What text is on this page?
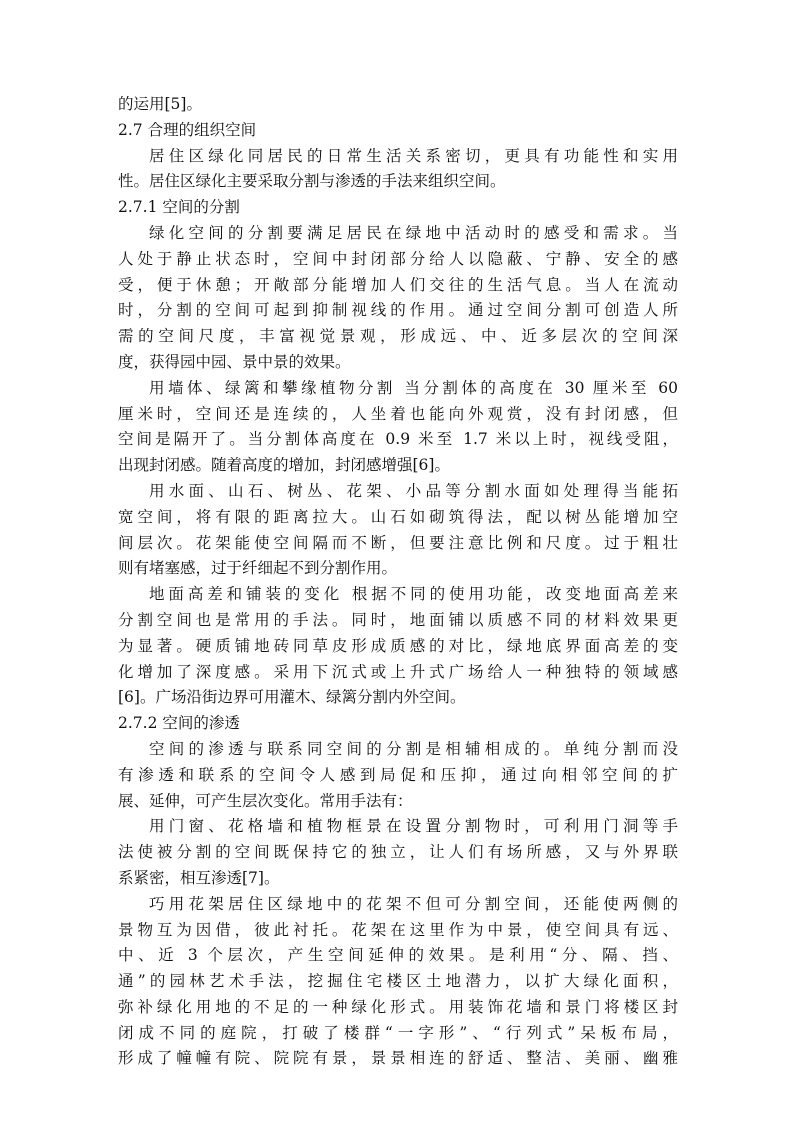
的运用[5]。
2.7 合理的组织空间
居住区绿化同居民的日常生活关系密切，更具有功能性和实用
性。居住区绿化主要采取分割与渗透的手法来组织空间。
2.7.1 空间的分割
绿化空间的分割要满足居民在绿地中活动时的感受和需求。当
人处于静止状态时，空间中封闭部分给人以隐蔽、宁静、安全的感
受，便于休憩；开敞部分能增加人们交往的生活气息。当人在流动
时，分割的空间可起到抑制视线的作用。通过空间分割可创造人所
需的空间尺度，丰富视觉景观，形成远、中、近多层次的空间深
度，获得园中园、景中景的效果。
用墙体、绿篱和攀缘植物分割 当分割体的高度在 30 厘米至 60
厘米时，空间还是连续的，人坐着也能向外观赏，没有封闭感，但
空间是隔开了。当分割体高度在 0.9 米至 1.7 米以上时，视线受阻，
出现封闭感。随着高度的增加，封闭感增强[6]。
用水面、山石、树丛、花架、小品等分割水面如处理得当能拓
宽空间，将有限的距离拉大。山石如砌筑得法，配以树丛能增加空
间层次。花架能使空间隔而不断，但要注意比例和尺度。过于粗壮
则有堵塞感，过于纤细起不到分割作用。
地面高差和铺装的变化 根据不同的使用功能，改变地面高差来
分割空间也是常用的手法。同时，地面铺以质感不同的材料效果更
为显著。硬质铺地砖同草皮形成质感的对比，绿地底界面高差的变
化增加了深度感。采用下沉式或上升式广场给人一种独特的领域感
[6]。广场沿街边界可用灌木、绿篱分割内外空间。
2.7.2 空间的渗透
空间的渗透与联系同空间的分割是相辅相成的。单纯分割而没
有渗透和联系的空间令人感到局促和压抑，通过向相邻空间的扩
展、延伸，可产生层次变化。常用手法有：
用门窗、花格墙和植物框景在设置分割物时，可利用门洞等手
法使被分割的空间既保持它的独立，让人们有场所感，又与外界联
系紧密，相互渗透[7]。
巧用花架居住区绿地中的花架不但可分割空间，还能使两侧的
景物互为因借，彼此衬托。花架在这里作为中景，使空间具有远、
中、近 3 个层次，产生空间延伸的效果。是利用“分、隔、挡、
通”的园林艺术手法，挖掘住宅楼区土地潜力，以扩大绿化面积，
弥补绿化用地的不足的一种绿化形式。用装饰花墙和景门将楼区封
闭成不同的庭院，打破了楼群“一字形”、“行列式”呆板布局，
形成了幢幢有院、院院有景，景景相连的舒适、整洁、美丽、幽雅
